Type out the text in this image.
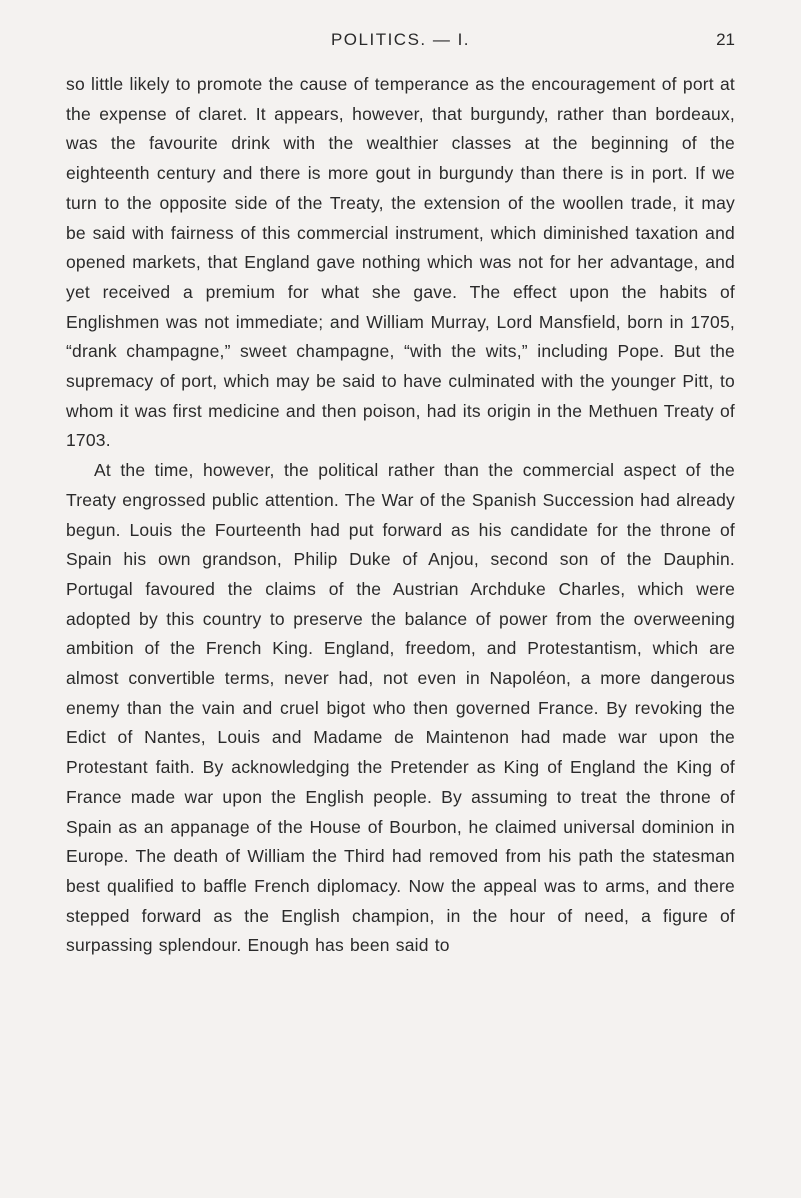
POLITICS. — I.	21

so little likely to promote the cause of temperance as the encouragement of port at the expense of claret. It appears, however, that burgundy, rather than bordeaux, was the favourite drink with the wealthier classes at the beginning of the eighteenth century and there is more gout in burgundy than there is in port. If we turn to the opposite side of the Treaty, the extension of the woollen trade, it may be said with fairness of this commercial instrument, which diminished taxation and opened markets, that England gave nothing which was not for her advantage, and yet received a premium for what she gave. The effect upon the habits of Englishmen was not immediate; and William Murray, Lord Mansfield, born in 1705, “drank champagne,” sweet champagne, “with the wits,” including Pope. But the supremacy of port, which may be said to have culminated with the younger Pitt, to whom it was first medicine and then poison, had its origin in the Methuen Treaty of 1703.

At the time, however, the political rather than the commercial aspect of the Treaty engrossed public attention. The War of the Spanish Succession had already begun. Louis the Fourteenth had put forward as his candidate for the throne of Spain his own grandson, Philip Duke of Anjou, second son of the Dauphin. Portugal favoured the claims of the Austrian Archduke Charles, which were adopted by this country to preserve the balance of power from the overweening ambition of the French King. England, freedom, and Protestantism, which are almost convertible terms, never had, not even in Napoléon, a more dangerous enemy than the vain and cruel bigot who then governed France. By revoking the Edict of Nantes, Louis and Madame de Maintenon had made war upon the Protestant faith. By acknowledging the Pretender as King of England the King of France made war upon the English people. By assuming to treat the throne of Spain as an appanage of the House of Bourbon, he claimed universal dominion in Europe. The death of William the Third had removed from his path the statesman best qualified to baffle French diplomacy. Now the appeal was to arms, and there stepped forward as the English champion, in the hour of need, a figure of surpassing splendour. Enough has been said to
